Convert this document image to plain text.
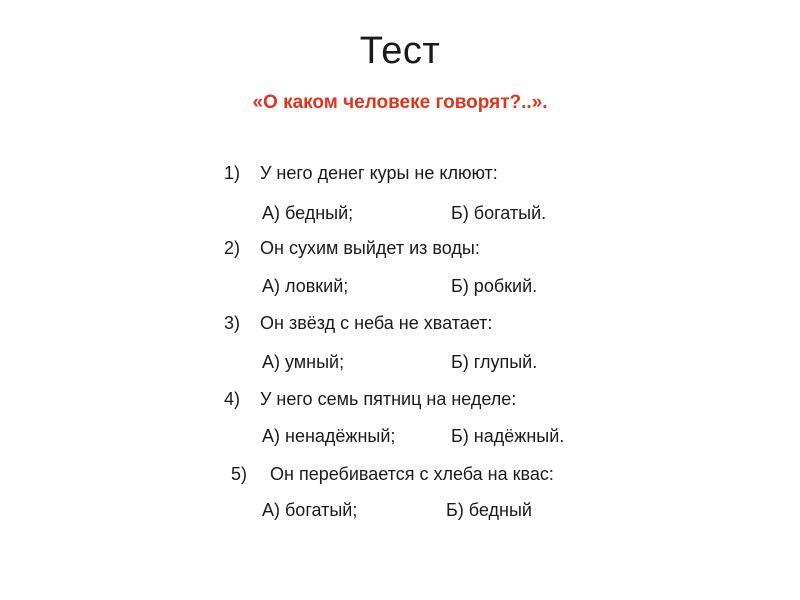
Тест
«О каком человеке говорят?..».
1) У него денег куры не клюют:
А) бедный;	Б) богатый.
2) Он сухим выйдет из воды:
А) ловкий;	Б) робкий.
3) Он звёзд с неба не хватает:
А) умный;	Б) глупый.
4) У него семь пятниц на неделе:
А) ненадёжный;	Б) надёжный.
5) Он перебивается с хлеба на квас:
А) богатый;	Б) бедный
